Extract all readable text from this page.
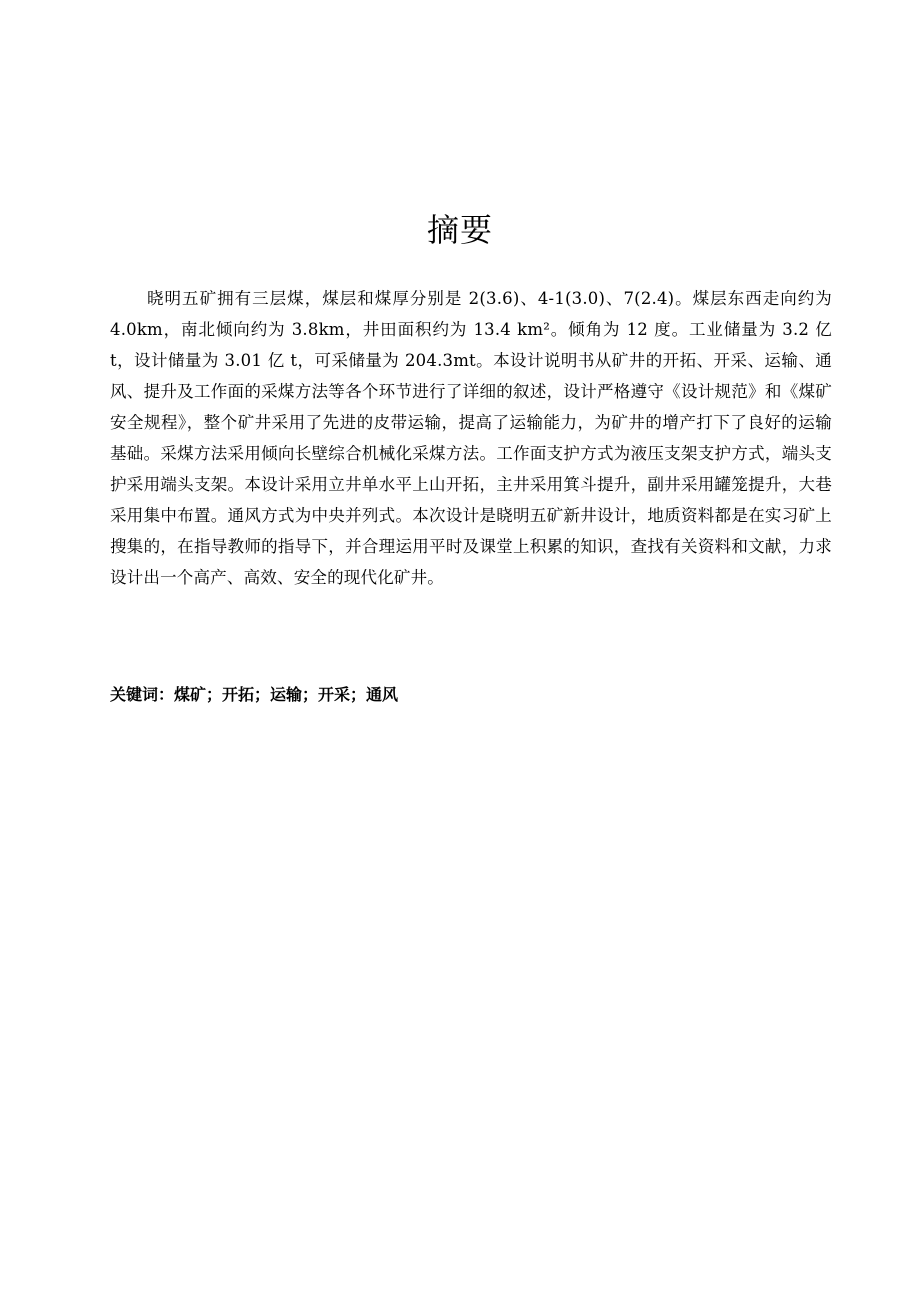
摘要

晓明五矿拥有三层煤，煤层和煤厚分别是 2(3.6)、4-1(3.0)、7(2.4)。煤层东西走向约为 4.0km，南北倾向约为 3.8km，井田面积约为 13.4 km²。倾角为 12 度。工业储量为 3.2 亿 t，设计储量为 3.01 亿 t，可采储量为 204.3mt。本设计说明书从矿井的开拓、开采、运输、通风、提升及工作面的采煤方法等各个环节进行了详细的叙述，设计严格遵守《设计规范》和《煤矿安全规程》，整个矿井采用了先进的皮带运输，提高了运输能力，为矿井的增产打下了良好的运输基础。采煤方法采用倾向长壁综合机械化采煤方法。工作面支护方式为液压支架支护方式，端头支护采用端头支架。本设计采用立井单水平上山开拓，主井采用箕斗提升，副井采用罐笼提升，大巷采用集中布置。通风方式为中央并列式。本次设计是晓明五矿新井设计，地质资料都是在实习矿上搜集的，在指导教师的指导下，并合理运用平时及课堂上积累的知识，查找有关资料和文献，力求设计出一个高产、高效、安全的现代化矿井。

关键词：煤矿；开拓；运输；开采；通风
